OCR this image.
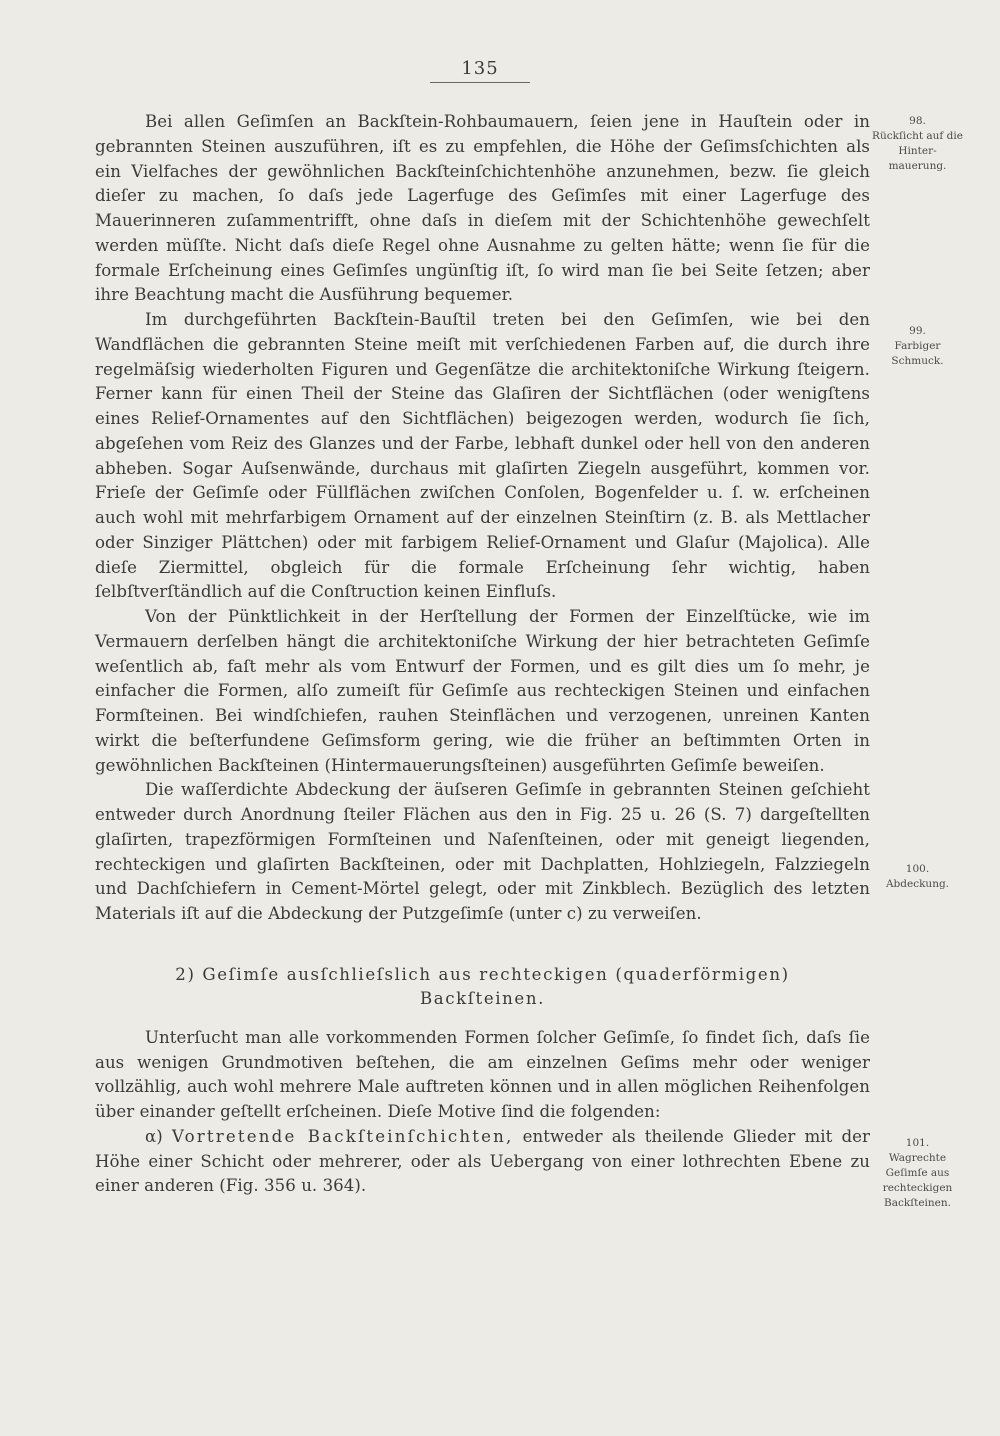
135
98.
Rückſicht auf die Hinter-mauerung.
99.
Farbiger Schmuck.
100.
Abdeckung.
101.
Wagrechte Geſimſe aus rechteckigen Backſteinen.

Bei allen Geſimſen an Backſtein-Rohbaumauern, ſeien jene in Hauſtein oder in gebrannten Steinen auszuführen, iſt es zu empfehlen, die Höhe der Geſimsſchichten als ein Vielfaches der gewöhnlichen Backſteinſchichtenhöhe anzunehmen, bezw. ſie gleich dieſer zu machen, ſo daſs jede Lagerfuge des Geſimſes mit einer Lagerfuge des Mauerinneren zuſammentrifft, ohne daſs in dieſem mit der Schichtenhöhe gewechſelt werden müſſte. Nicht daſs dieſe Regel ohne Ausnahme zu gelten hätte; wenn ſie für die formale Erſcheinung eines Geſimſes ungünſtig iſt, ſo wird man ſie bei Seite ſetzen; aber ihre Beachtung macht die Ausführung bequemer.

Im durchgeführten Backſtein-Bauſtil treten bei den Geſimſen, wie bei den Wandflächen die gebrannten Steine meiſt mit verſchiedenen Farben auf, die durch ihre regelmäſsig wiederholten Figuren und Gegenſätze die architektoniſche Wirkung ſteigern. Ferner kann für einen Theil der Steine das Glaſiren der Sichtflächen (oder wenigſtens eines Relief-Ornamentes auf den Sichtflächen) beigezogen werden, wodurch ſie ſich, abgeſehen vom Reiz des Glanzes und der Farbe, lebhaft dunkel oder hell von den anderen abheben. Sogar Auſsenwände, durchaus mit glaſirten Ziegeln ausgeführt, kommen vor. Frieſe der Geſimſe oder Füllflächen zwiſchen Conſolen, Bogenfelder u. ſ. w. erſcheinen auch wohl mit mehrfarbigem Ornament auf der einzelnen Steinſtirn (z. B. als Mettlacher oder Sinziger Plättchen) oder mit farbigem Relief-Ornament und Glaſur (Majolica). Alle dieſe Ziermittel, obgleich für die formale Erſcheinung ſehr wichtig, haben ſelbſtverſtändlich auf die Conſtruction keinen Einfluſs.

Von der Pünktlichkeit in der Herſtellung der Formen der Einzelſtücke, wie im Vermauern derſelben hängt die architektoniſche Wirkung der hier betrachteten Geſimſe weſentlich ab, faſt mehr als vom Entwurf der Formen, und es gilt dies um ſo mehr, je einfacher die Formen, alſo zumeiſt für Geſimſe aus rechteckigen Steinen und einfachen Formſteinen. Bei windſchiefen, rauhen Steinflächen und verzogenen, unreinen Kanten wirkt die beſterfundene Geſimsform gering, wie die früher an beſtimmten Orten in gewöhnlichen Backſteinen (Hintermauerungsſteinen) ausgeführten Geſimſe beweiſen.

Die waſſerdichte Abdeckung der äuſseren Geſimſe in gebrannten Steinen geſchieht entweder durch Anordnung ſteiler Flächen aus den in Fig. 25 u. 26 (S. 7) dargeſtellten glaſirten, trapezförmigen Formſteinen und Naſenſteinen, oder mit geneigt liegenden, rechteckigen und glaſirten Backſteinen, oder mit Dachplatten, Hohlziegeln, Falzziegeln und Dachſchiefern in Cement-Mörtel gelegt, oder mit Zinkblech. Bezüglich des letzten Materials iſt auf die Abdeckung der Putzgeſimſe (unter c) zu verweiſen.

2) Geſimſe ausſchlieſslich aus rechteckigen (quaderförmigen)
Backſteinen.

Unterſucht man alle vorkommenden Formen ſolcher Geſimſe, ſo findet ſich, daſs ſie aus wenigen Grundmotiven beſtehen, die am einzelnen Geſims mehr oder weniger vollzählig, auch wohl mehrere Male auftreten können und in allen möglichen Reihenfolgen über einander geſtellt erſcheinen. Dieſe Motive ſind die folgenden:

α) Vortretende Backſteinſchichten, entweder als theilende Glieder mit der Höhe einer Schicht oder mehrerer, oder als Uebergang von einer lothrechten Ebene zu einer anderen (Fig. 356 u. 364).
